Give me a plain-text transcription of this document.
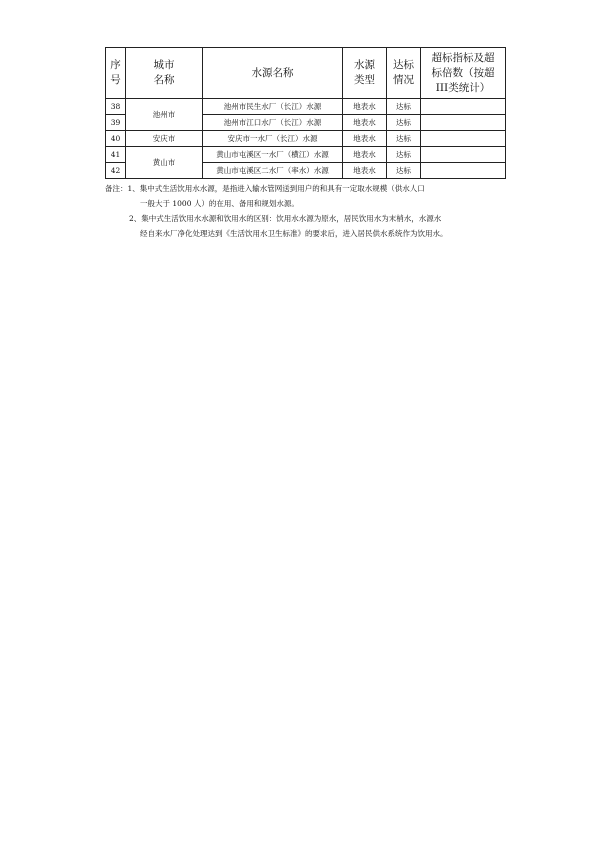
序号	城市名称	水源名称	水源类型	达标情况	超标指标及超标倍数（按超III类统计）
38	池州市	池州市民生水厂（长江）水源	地表水	达标	
39		池州市江口水厂（长江）水源	地表水	达标	
40	安庆市	安庆市一水厂（长江）水源	地表水	达标	
41	黄山市	黄山市屯溪区一水厂（横江）水源	地表水	达标	
42		黄山市屯溪区二水厂（率水）水源	地表水	达标	
备注：1、集中式生活饮用水水源，是指进入输水管网送到用户的和具有一定取水规模（供水人口
一般大于 1000 人）的在用、备用和规划水源。
2、集中式生活饮用水水源和饮用水的区别：饮用水水源为原水，居民饮用水为末梢水，水源水
经自来水厂净化处理达到《生活饮用水卫生标准》的要求后，进入居民供水系统作为饮用水。
